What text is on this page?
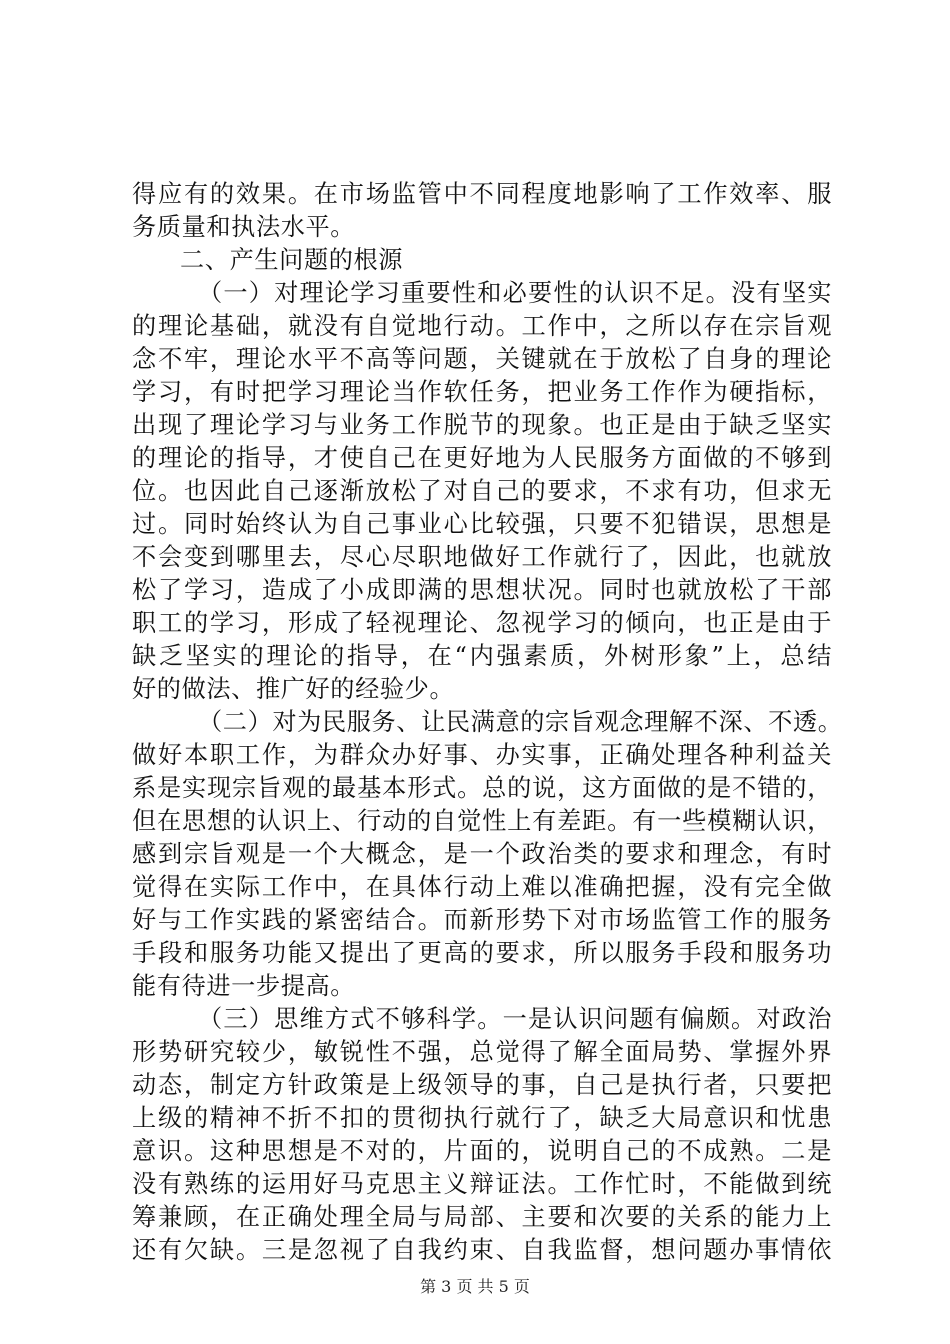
得应有的效果。在市场监管中不同程度地影响了工作效率、服
务质量和执法水平。
二、产生问题的根源
（一）对理论学习重要性和必要性的认识不足。没有坚实
的理论基础，就没有自觉地行动。工作中，之所以存在宗旨观
念不牢，理论水平不高等问题，关键就在于放松了自身的理论
学习，有时把学习理论当作软任务，把业务工作作为硬指标，
出现了理论学习与业务工作脱节的现象。也正是由于缺乏坚实
的理论的指导，才使自己在更好地为人民服务方面做的不够到
位。也因此自己逐渐放松了对自己的要求，不求有功，但求无
过。同时始终认为自己事业心比较强，只要不犯错误，思想是
不会变到哪里去，尽心尽职地做好工作就行了，因此，也就放
松了学习，造成了小成即满的思想状况。同时也就放松了干部
职工的学习，形成了轻视理论、忽视学习的倾向，也正是由于
缺乏坚实的理论的指导，在“内强素质，外树形象”上，总结
好的做法、推广好的经验少。
（二）对为民服务、让民满意的宗旨观念理解不深、不透。
做好本职工作，为群众办好事、办实事，正确处理各种利益关
系是实现宗旨观的最基本形式。总的说，这方面做的是不错的，
但在思想的认识上、行动的自觉性上有差距。有一些模糊认识，
感到宗旨观是一个大概念，是一个政治类的要求和理念，有时
觉得在实际工作中，在具体行动上难以准确把握，没有完全做
好与工作实践的紧密结合。而新形势下对市场监管工作的服务
手段和服务功能又提出了更高的要求，所以服务手段和服务功
能有待进一步提高。
（三）思维方式不够科学。一是认识问题有偏颇。对政治
形势研究较少，敏锐性不强，总觉得了解全面局势、掌握外界
动态，制定方针政策是上级领导的事，自己是执行者，只要把
上级的精神不折不扣的贯彻执行就行了，缺乏大局意识和忧患
意识。这种思想是不对的，片面的，说明自己的不成熟。二是
没有熟练的运用好马克思主义辩证法。工作忙时，不能做到统
筹兼顾，在正确处理全局与局部、主要和次要的关系的能力上
还有欠缺。三是忽视了自我约束、自我监督，想问题办事情依
第 3 页 共 5 页
